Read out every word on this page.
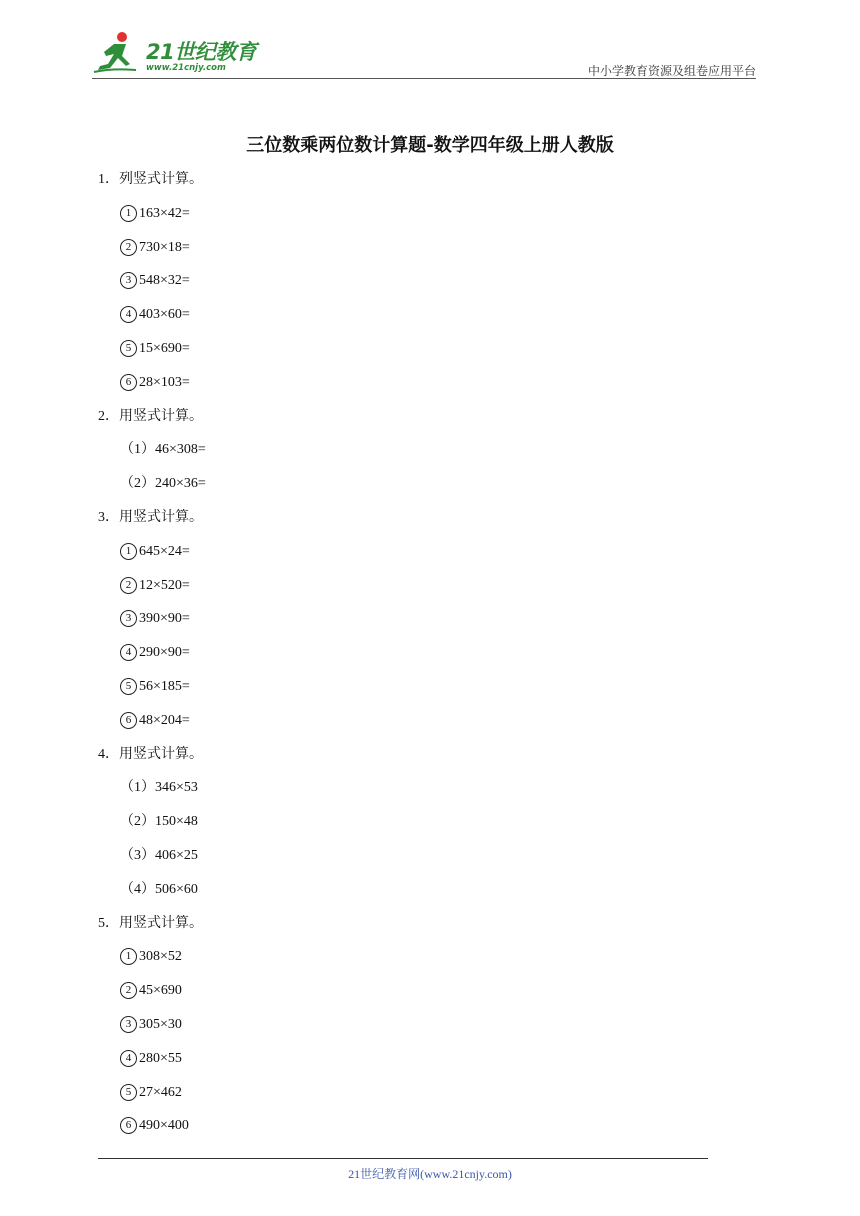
21世纪教育
www.21cnjy.com	中小学教育资源及组卷应用平台
三位数乘两位数计算题-数学四年级上册人教版
1．列竖式计算。
1 163×42=
2 730×18=
3 548×32=
4 403×60=
5 15×690=
6 28×103=
2．用竖式计算。
（1）46×308=
（2）240×36=
3．用竖式计算。
1 645×24=
2 12×520=
3 390×90=
4 290×90=
5 56×185=
6 48×204=
4．用竖式计算。
（1）346×53
（2）150×48
（3）406×25
（4）506×60
5．用竖式计算。
1 308×52
2 45×690
3 305×30
4 280×55
5 27×462
6 490×400
21世纪教育网(www.21cnjy.com)
